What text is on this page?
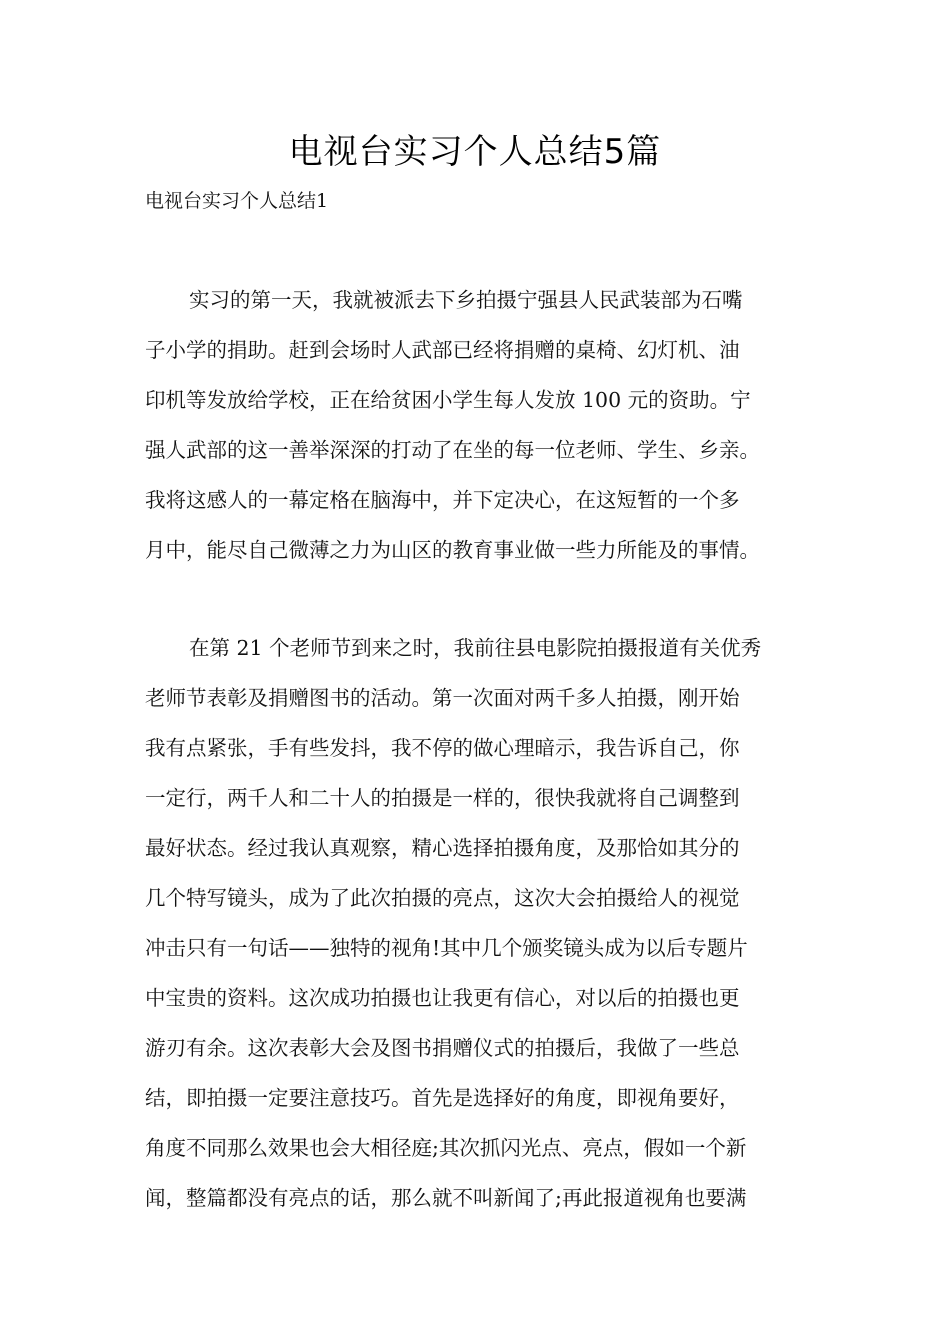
电视台实习个人总结5篇
电视台实习个人总结1
实习的第一天，我就被派去下乡拍摄宁强县人民武装部为石嘴
子小学的捐助。赶到会场时人武部已经将捐赠的桌椅、幻灯机、油
印机等发放给学校，正在给贫困小学生每人发放 100 元的资助。宁
强人武部的这一善举深深的打动了在坐的每一位老师、学生、乡亲。
我将这感人的一幕定格在脑海中，并下定决心，在这短暂的一个多
月中，能尽自己微薄之力为山区的教育事业做一些力所能及的事情。
在第 21 个老师节到来之时，我前往县电影院拍摄报道有关优秀
老师节表彰及捐赠图书的活动。第一次面对两千多人拍摄，刚开始
我有点紧张，手有些发抖，我不停的做心理暗示，我告诉自己，你
一定行，两千人和二十人的拍摄是一样的，很快我就将自己调整到
最好状态。经过我认真观察，精心选择拍摄角度，及那恰如其分的
几个特写镜头，成为了此次拍摄的亮点，这次大会拍摄给人的视觉
冲击只有一句话——独特的视角!其中几个颁奖镜头成为以后专题片
中宝贵的资料。这次成功拍摄也让我更有信心，对以后的拍摄也更
游刃有余。这次表彰大会及图书捐赠仪式的拍摄后，我做了一些总
结，即拍摄一定要注意技巧。首先是选择好的角度，即视角要好，
角度不同那么效果也会大相径庭;其次抓闪光点、亮点，假如一个新
闻，整篇都没有亮点的话，那么就不叫新闻了;再此报道视角也要满
